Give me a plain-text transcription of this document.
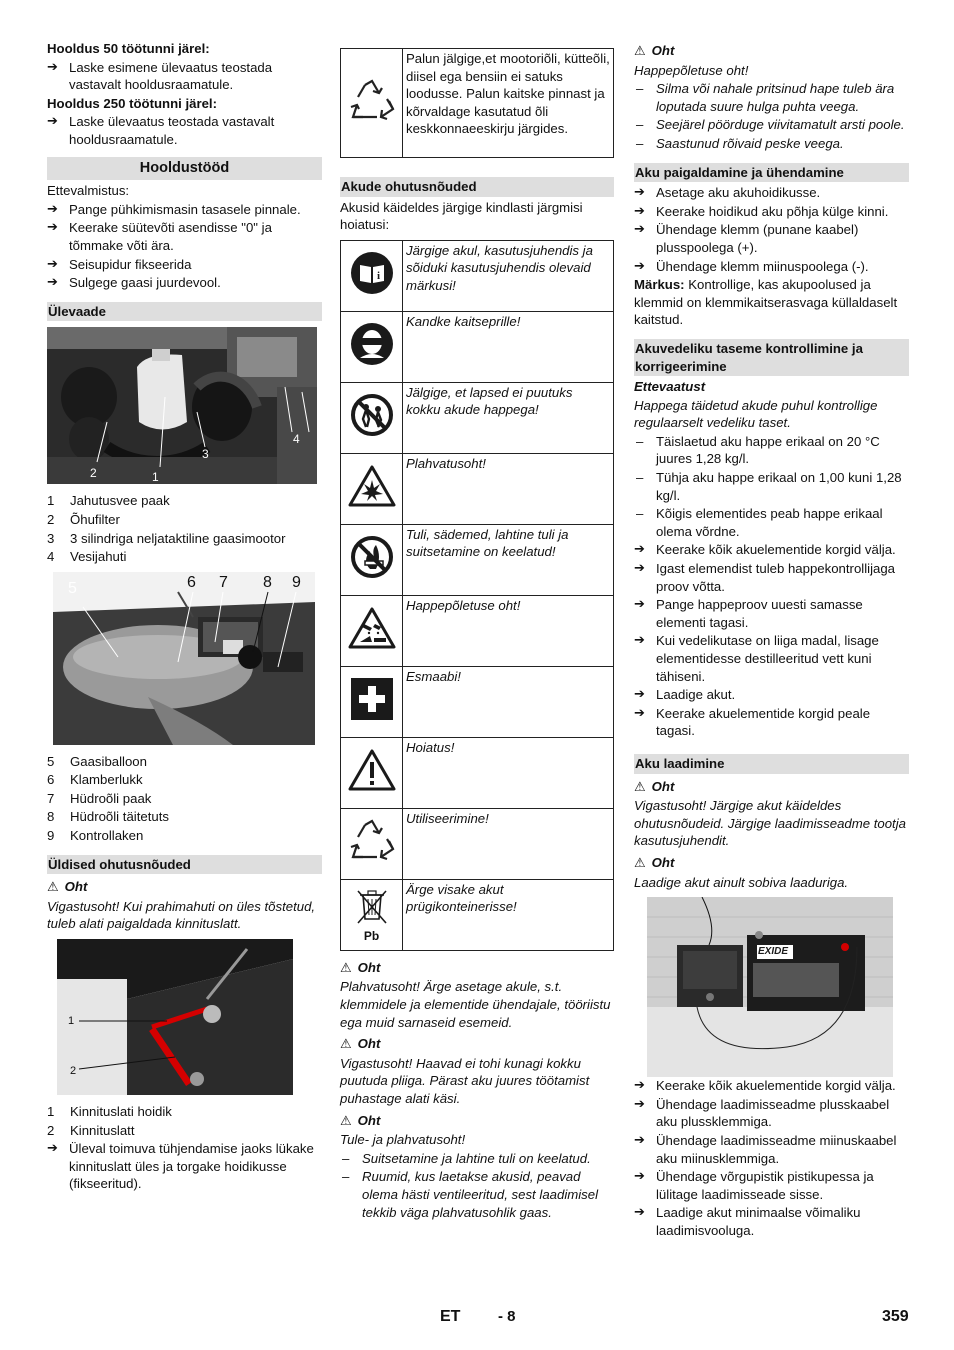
Hooldus 50 töötunni järel:
➔ Laske esimene ülevaatus teostada vastavalt hooldusraamatule.
Hooldus 250 töötunni järel:
➔ Laske ülevaatus teostada vastavalt hooldusraamatule.
Hooldustööd
Ettevalmistus:
➔ Pange pühkimismasin tasasele pinnale.
➔ Keerake süütevõti asendisse "0" ja tõmmake võti ära.
➔ Seisupidur fikseerida
➔ Sulgege gaasi juurdevool.
Ülevaade
2	1
3
4
1 Jahutusvee paak
2 Õhufilter
3 3 silindriga neljataktiline gaasimootor
4 Vesijahuti
5	6 7 8 9
5 Gaasiballoon
6 Klamberlukk
7 Hüdroõli paak
8 Hüdroõli täitetuts
9 Kontrollaken
Üldised ohutusnõuded
⚠ Oht
Vigastusoht! Kui prahimahuti on üles tõstetud, tuleb alati paigaldada kinnituslatt.
1
2
1 Kinnituslati hoidik
2 Kinnituslatt
➔ Üleval toimuva tühjendamise jaoks lükake kinnituslatt üles ja torgake hoidikusse (fikseeritud).
	Palun jälgige,et mootoriõli, kütteõli, diisel ega bensiin ei satuks loodusse. Palun kaitske pinnast ja kõrvaldage kasutatud õli keskkonnaeeskirju järgides.
Akude ohutusnõuded
Akusid käideldes järgige kindlasti järgmisi hoiatusi:
i	Järgige akul, kasutusjuhendis ja sõiduki kasutusjuhendis olevaid märkusi!
	Kandke kaitseprille!
	Jälgige, et lapsed ei puutuks kokku akude happega!
	Plahvatusoht!
	Tuli, sädemed, lahtine tuli ja suitsetamine on keelatud!
	Happepõletuse oht!
	Esmaabi!
	Hoiatus!
	Utiliseerimine!

Pb	Ärge visake akut prügikonteinerisse!
⚠ Oht
Plahvatusoht! Ärge asetage akule, s.t. klemmidele ja elementide ühendajale, tööriistu ega muid sarnaseid esemeid.
⚠ Oht
Vigastusoht! Haavad ei tohi kunagi kokku puutuda pliiga. Pärast aku juures töötamist puhastage alati käsi.
⚠ Oht
Tule- ja plahvatusoht!
– Suitsetamine ja lahtine tuli on keelatud.
– Ruumid, kus laetakse akusid, peavad olema hästi ventileeritud, sest laadimisel tekkib väga plahvatusohlik gaas.
⚠ Oht
Happepõletuse oht!
– Silma või nahale pritsinud hape tuleb ära loputada suure hulga puhta veega.
– Seejärel pöörduge viivitamatult arsti poole.
– Saastunud rõivaid peske veega.
Aku paigaldamine ja ühendamine
➔ Asetage aku akuhoidikusse.
➔ Keerake hoidikud aku põhja külge kinni.
➔ Ühendage klemm (punane kaabel) plusspoolega (+).
➔ Ühendage klemm miinuspoolega (-).
Märkus: Kontrollige, kas akupoolused ja klemmid on klemmikaitserasvaga küllaldaselt kaitstud.
Akuvedeliku taseme kontrollimine ja korrigeerimine
Ettevaatust
Happega täidetud akude puhul kontrollige regulaarselt vedeliku taset.
– Täislaetud aku happe erikaal on 20 °C juures 1,28 kg/l.
– Tühja aku happe erikaal on 1,00 kuni 1,28 kg/l.
– Kõigis elementides peab happe erikaal olema võrdne.
➔ Keerake kõik akuelementide korgid välja.
➔ Igast elemendist tuleb happekontrollijaga proov võtta.
➔ Pange happeproov uuesti samasse elementi tagasi.
➔ Kui vedelikutase on liiga madal, lisage elementidesse destilleeritud vett kuni tähiseni.
➔ Laadige akut.
➔ Keerake akuelementide korgid peale tagasi.
Aku laadimine
⚠ Oht
Vigastusoht! Järgige akut käideldes ohutusnõudeid. Järgige laadimisseadme tootja kasutusjuhendit.
⚠ Oht
Laadige akut ainult sobiva laaduriga.
EXIDE
➔ Keerake kõik akuelementide korgid välja.
➔ Ühendage laadimisseadme plusskaabel aku plussklemmiga.
➔ Ühendage laadimisseadme miinuskaabel aku miinusklemmiga.
➔ Ühendage võrgupistik pistikupessa ja lülitage laadimisseade sisse.
➔ Laadige akut minimaalse võimaliku laadimisvooluga.
ET	- 8	359
